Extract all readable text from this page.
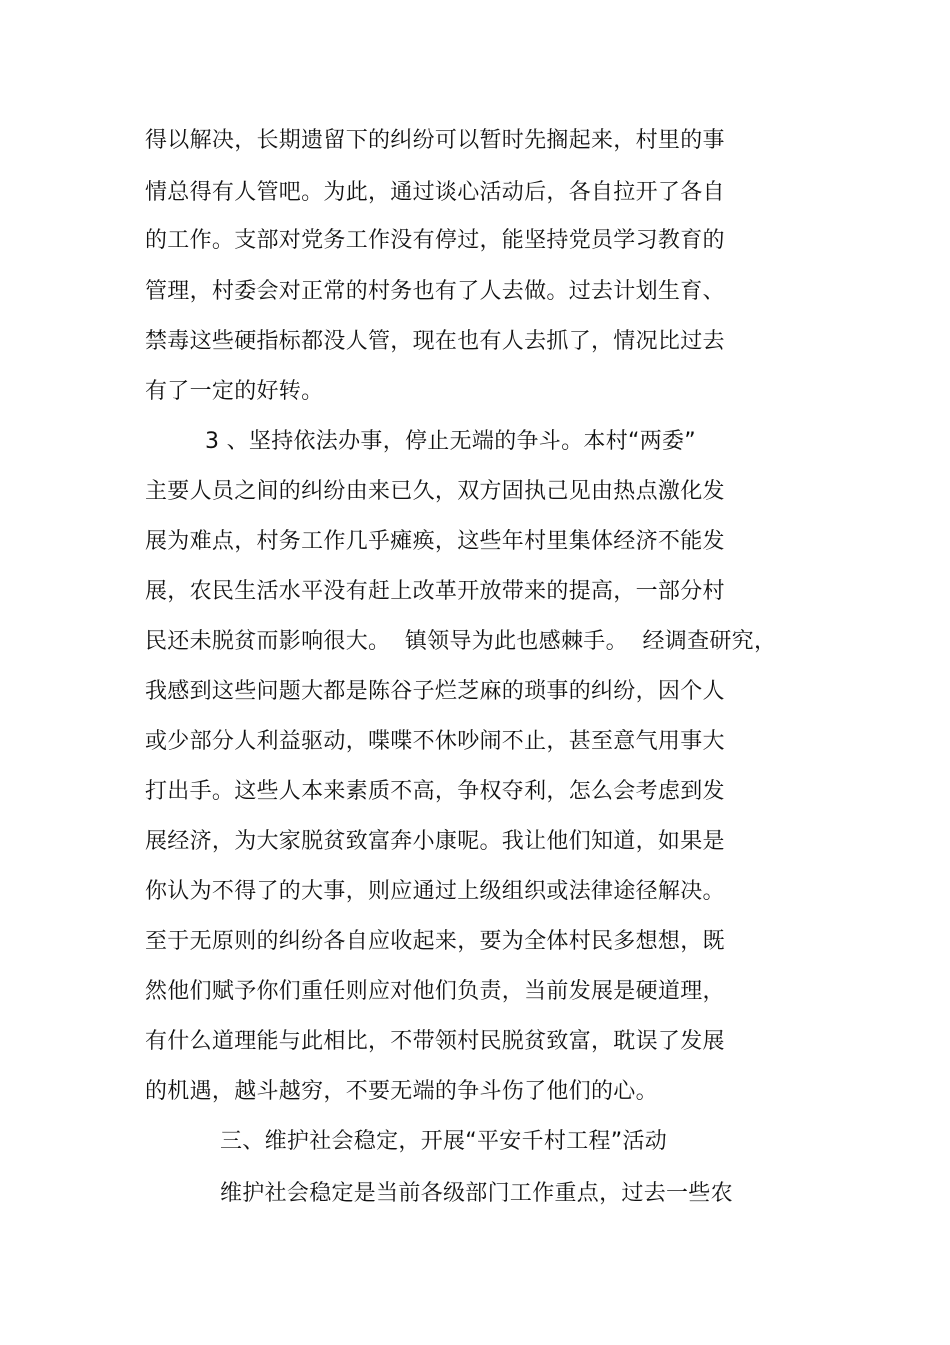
得以解决，长期遗留下的纠纷可以暂时先搁起来，村里的事
情总得有人管吧。为此，通过谈心活动后，各自拉开了各自
的工作。支部对党务工作没有停过，能坚持党员学习教育的
管理，村委会对正常的村务也有了人去做。过去计划生育、
禁毒这些硬指标都没人管，现在也有人去抓了，情况比过去
有了一定的好转。
3 、坚持依法办事，停止无端的争斗。本村“两委”
主要人员之间的纠纷由来已久，双方固执己见由热点激化发
展为难点，村务工作几乎瘫痪，这些年村里集体经济不能发
展，农民生活水平没有赶上改革开放带来的提高，一部分村
民还未脱贫而影响很大。  镇领导为此也感棘手。  经调查研究，
我感到这些问题大都是陈谷子烂芝麻的琐事的纠纷，因个人
或少部分人利益驱动，喋喋不休吵闹不止，甚至意气用事大
打出手。这些人本来素质不高，争权夺利，怎么会考虑到发
展经济，为大家脱贫致富奔小康呢。我让他们知道，如果是
你认为不得了的大事，则应通过上级组织或法律途径解决。
至于无原则的纠纷各自应收起来，要为全体村民多想想，既
然他们赋予你们重任则应对他们负责，当前发展是硬道理，
有什么道理能与此相比，不带领村民脱贫致富，耽误了发展
的机遇，越斗越穷，不要无端的争斗伤了他们的心。
三、维护社会稳定，开展“平安千村工程”活动
维护社会稳定是当前各级部门工作重点，过去一些农
